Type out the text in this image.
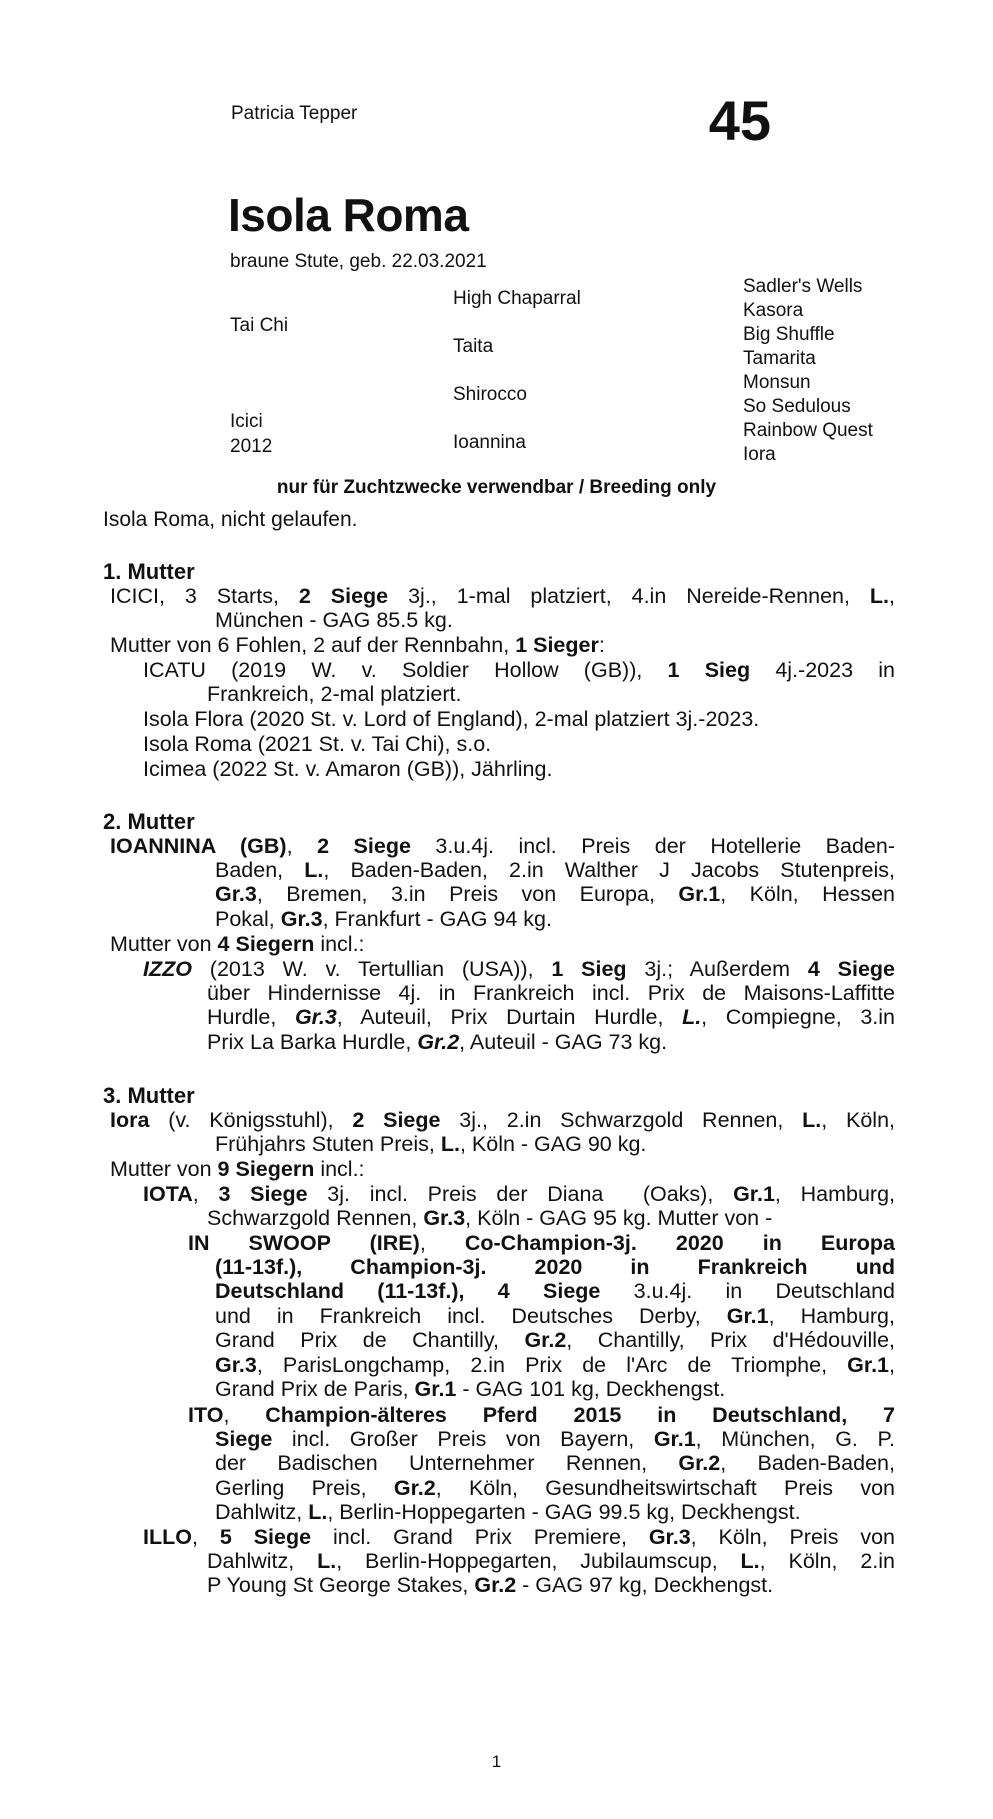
Patricia Tepper	45
Isola Roma
braune Stute, geb. 22.03.2021
Tai Chi
Icici
2012
High Chaparral
Taita
Shirocco
Ioannina
Sadler's Wells
Kasora
Big Shuffle
Tamarita
Monsun
So Sedulous
Rainbow Quest
Iora
nur für Zuchtzwecke verwendbar / Breeding only
Isola Roma, nicht gelaufen.
1. Mutter
ICICI, 3 Starts, 2 Siege 3j., 1-mal platziert, 4.in Nereide-Rennen, L.,
München - GAG 85.5 kg.
Mutter von 6 Fohlen, 2 auf der Rennbahn, 1 Sieger:
ICATU (2019 W. v. Soldier Hollow (GB)), 1 Sieg 4j.-2023 in
Frankreich, 2-mal platziert.
Isola Flora (2020 St. v. Lord of England), 2-mal platziert 3j.-2023.
Isola Roma (2021 St. v. Tai Chi), s.o.
Icimea (2022 St. v. Amaron (GB)), Jährling.
2. Mutter
IOANNINA (GB), 2 Siege 3.u.4j. incl. Preis der Hotellerie Baden-
Baden, L., Baden-Baden, 2.in Walther J Jacobs Stutenpreis,
Gr.3, Bremen, 3.in Preis von Europa, Gr.1, Köln, Hessen
Pokal, Gr.3, Frankfurt - GAG 94 kg.
Mutter von 4 Siegern incl.:
IZZO (2013 W. v. Tertullian (USA)), 1 Sieg 3j.; Außerdem 4 Siege
über Hindernisse 4j. in Frankreich incl. Prix de Maisons-Laffitte
Hurdle, Gr.3, Auteuil, Prix Durtain Hurdle, L., Compiegne, 3.in
Prix La Barka Hurdle, Gr.2, Auteuil - GAG 73 kg.
3. Mutter
Iora (v. Königsstuhl), 2 Siege 3j., 2.in Schwarzgold Rennen, L., Köln,
Frühjahrs Stuten Preis, L., Köln - GAG 90 kg.
Mutter von 9 Siegern incl.:
IOTA, 3 Siege 3j. incl. Preis der Diana  (Oaks), Gr.1, Hamburg,
Schwarzgold Rennen, Gr.3, Köln - GAG 95 kg. Mutter von -
IN SWOOP (IRE), Co-Champion-3j. 2020 in Europa
(11-13f.), Champion-3j. 2020 in Frankreich und
Deutschland (11-13f.), 4 Siege 3.u.4j. in Deutschland
und in Frankreich incl. Deutsches Derby, Gr.1, Hamburg,
Grand Prix de Chantilly, Gr.2, Chantilly, Prix d'Hédouville,
Gr.3, ParisLongchamp, 2.in Prix de l'Arc de Triomphe, Gr.1,
Grand Prix de Paris, Gr.1 - GAG 101 kg, Deckhengst.
ITO, Champion-älteres Pferd 2015 in Deutschland, 7
Siege incl. Großer Preis von Bayern, Gr.1, München, G. P.
der Badischen Unternehmer Rennen, Gr.2, Baden-Baden,
Gerling Preis, Gr.2, Köln, Gesundheitswirtschaft Preis von
Dahlwitz, L., Berlin-Hoppegarten - GAG 99.5 kg, Deckhengst.
ILLO, 5 Siege incl. Grand Prix Premiere, Gr.3, Köln, Preis von
Dahlwitz, L., Berlin-Hoppegarten, Jubilaumscup, L., Köln, 2.in
P Young St George Stakes, Gr.2 - GAG 97 kg, Deckhengst.
1
